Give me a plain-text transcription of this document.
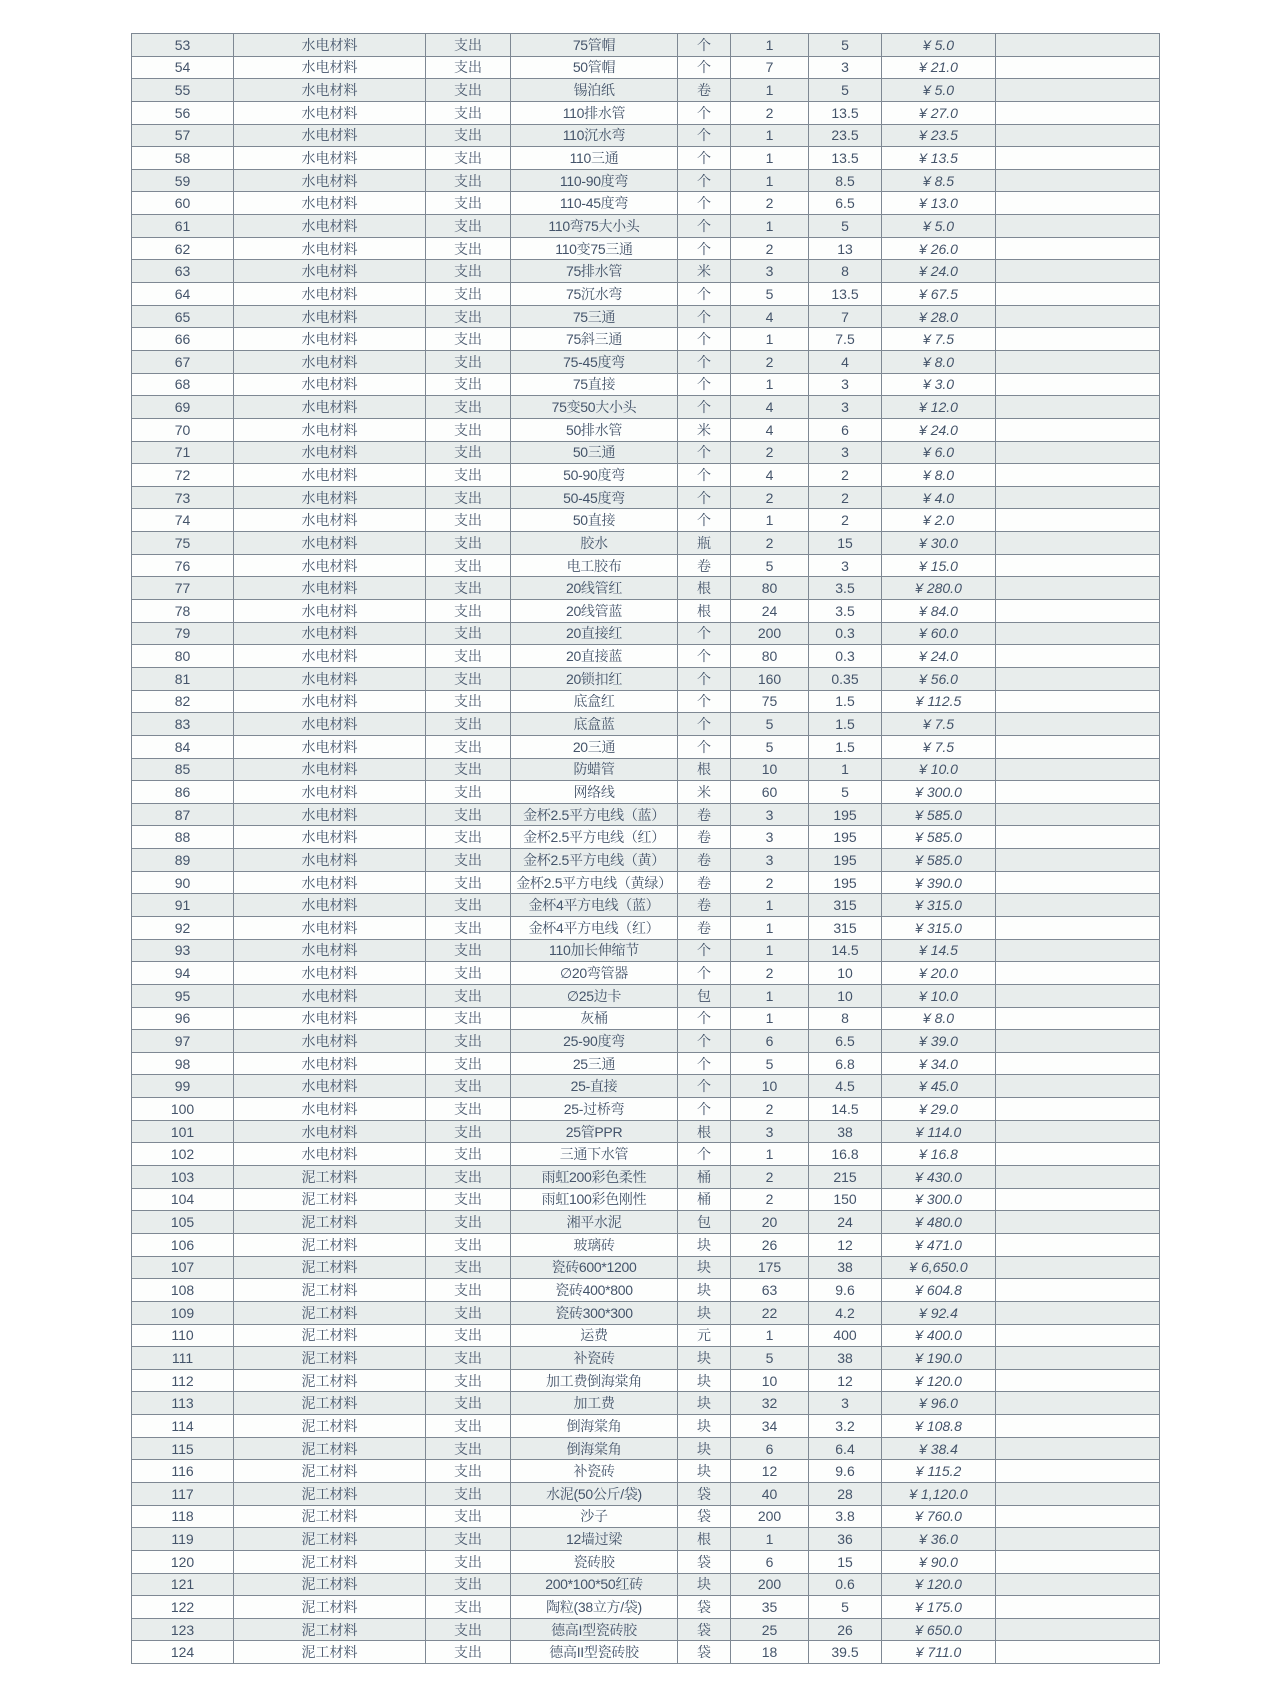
53	水电材料	支出	75管帽	个	1	5	¥ 5.0	
54	水电材料	支出	50管帽	个	7	3	¥ 21.0	
55	水电材料	支出	锡泊纸	卷	1	5	¥ 5.0	
56	水电材料	支出	110排水管	个	2	13.5	¥ 27.0	
57	水电材料	支出	110沉水弯	个	1	23.5	¥ 23.5	
58	水电材料	支出	110三通	个	1	13.5	¥ 13.5	
59	水电材料	支出	110-90度弯	个	1	8.5	¥ 8.5	
60	水电材料	支出	110-45度弯	个	2	6.5	¥ 13.0	
61	水电材料	支出	110弯75大小头	个	1	5	¥ 5.0	
62	水电材料	支出	110变75三通	个	2	13	¥ 26.0	
63	水电材料	支出	75排水管	米	3	8	¥ 24.0	
64	水电材料	支出	75沉水弯	个	5	13.5	¥ 67.5	
65	水电材料	支出	75三通	个	4	7	¥ 28.0	
66	水电材料	支出	75斜三通	个	1	7.5	¥ 7.5	
67	水电材料	支出	75-45度弯	个	2	4	¥ 8.0	
68	水电材料	支出	75直接	个	1	3	¥ 3.0	
69	水电材料	支出	75变50大小头	个	4	3	¥ 12.0	
70	水电材料	支出	50排水管	米	4	6	¥ 24.0	
71	水电材料	支出	50三通	个	2	3	¥ 6.0	
72	水电材料	支出	50-90度弯	个	4	2	¥ 8.0	
73	水电材料	支出	50-45度弯	个	2	2	¥ 4.0	
74	水电材料	支出	50直接	个	1	2	¥ 2.0	
75	水电材料	支出	胶水	瓶	2	15	¥ 30.0	
76	水电材料	支出	电工胶布	卷	5	3	¥ 15.0	
77	水电材料	支出	20线管红	根	80	3.5	¥ 280.0	
78	水电材料	支出	20线管蓝	根	24	3.5	¥ 84.0	
79	水电材料	支出	20直接红	个	200	0.3	¥ 60.0	
80	水电材料	支出	20直接蓝	个	80	0.3	¥ 24.0	
81	水电材料	支出	20锁扣红	个	160	0.35	¥ 56.0	
82	水电材料	支出	底盒红	个	75	1.5	¥ 112.5	
83	水电材料	支出	底盒蓝	个	5	1.5	¥ 7.5	
84	水电材料	支出	20三通	个	5	1.5	¥ 7.5	
85	水电材料	支出	防蜡管	根	10	1	¥ 10.0	
86	水电材料	支出	网络线	米	60	5	¥ 300.0	
87	水电材料	支出	金杯2.5平方电线（蓝）	卷	3	195	¥ 585.0	
88	水电材料	支出	金杯2.5平方电线（红）	卷	3	195	¥ 585.0	
89	水电材料	支出	金杯2.5平方电线（黄）	卷	3	195	¥ 585.0	
90	水电材料	支出	金杯2.5平方电线（黄绿）	卷	2	195	¥ 390.0	
91	水电材料	支出	金杯4平方电线（蓝）	卷	1	315	¥ 315.0	
92	水电材料	支出	金杯4平方电线（红）	卷	1	315	¥ 315.0	
93	水电材料	支出	110加长伸缩节	个	1	14.5	¥ 14.5	
94	水电材料	支出	∅20弯管器	个	2	10	¥ 20.0	
95	水电材料	支出	∅25边卡	包	1	10	¥ 10.0	
96	水电材料	支出	灰桶	个	1	8	¥ 8.0	
97	水电材料	支出	25-90度弯	个	6	6.5	¥ 39.0	
98	水电材料	支出	25三通	个	5	6.8	¥ 34.0	
99	水电材料	支出	25-直接	个	10	4.5	¥ 45.0	
100	水电材料	支出	25-过桥弯	个	2	14.5	¥ 29.0	
101	水电材料	支出	25管PPR	根	3	38	¥ 114.0	
102	水电材料	支出	三通下水管	个	1	16.8	¥ 16.8	
103	泥工材料	支出	雨虹200彩色柔性	桶	2	215	¥ 430.0	
104	泥工材料	支出	雨虹100彩色刚性	桶	2	150	¥ 300.0	
105	泥工材料	支出	湘平水泥	包	20	24	¥ 480.0	
106	泥工材料	支出	玻璃砖	块	26	12	¥ 471.0	
107	泥工材料	支出	瓷砖600*1200	块	175	38	¥ 6,650.0	
108	泥工材料	支出	瓷砖400*800	块	63	9.6	¥ 604.8	
109	泥工材料	支出	瓷砖300*300	块	22	4.2	¥ 92.4	
110	泥工材料	支出	运费	元	1	400	¥ 400.0	
111	泥工材料	支出	补瓷砖	块	5	38	¥ 190.0	
112	泥工材料	支出	加工费倒海棠角	块	10	12	¥ 120.0	
113	泥工材料	支出	加工费	块	32	3	¥ 96.0	
114	泥工材料	支出	倒海棠角	块	34	3.2	¥ 108.8	
115	泥工材料	支出	倒海棠角	块	6	6.4	¥ 38.4	
116	泥工材料	支出	补瓷砖	块	12	9.6	¥ 115.2	
117	泥工材料	支出	水泥(50公斤/袋)	袋	40	28	¥ 1,120.0	
118	泥工材料	支出	沙子	袋	200	3.8	¥ 760.0	
119	泥工材料	支出	12墙过梁	根	1	36	¥ 36.0	
120	泥工材料	支出	瓷砖胶	袋	6	15	¥ 90.0	
121	泥工材料	支出	200*100*50红砖	块	200	0.6	¥ 120.0	
122	泥工材料	支出	陶粒(38立方/袋)	袋	35	5	¥ 175.0	
123	泥工材料	支出	德高I型瓷砖胶	袋	25	26	¥ 650.0	
124	泥工材料	支出	德高II型瓷砖胶	袋	18	39.5	¥ 711.0	
